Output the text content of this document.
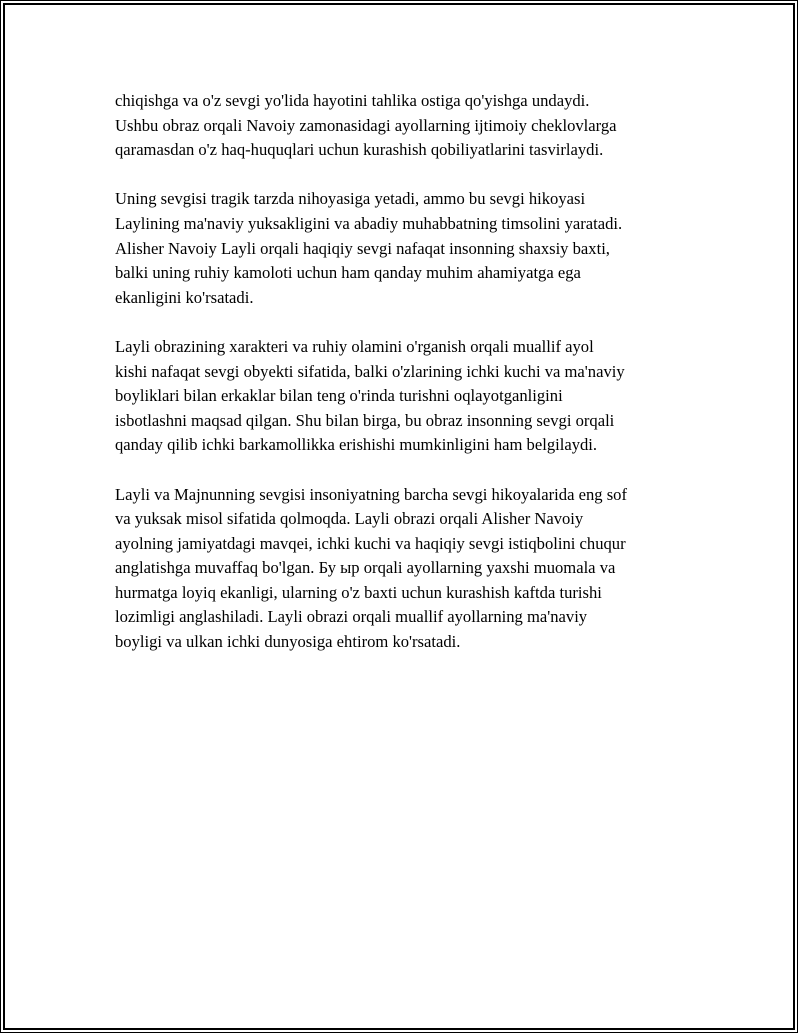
chiqishga va o'z sevgi yo'lida hayotini tahlika ostiga qo'yishga undaydi.
Ushbu obraz orqali Navoiy zamonasidagi ayollarning ijtimoiy cheklovlarga
qaramasdan o'z haq-huquqlari uchun kurashish qobiliyatlarini tasvirlaydi.

Uning sevgisi tragik tarzda nihoyasiga yetadi, ammo bu sevgi hikoyasi
Laylining ma'naviy yuksakligini va abadiy muhabbatning timsolini yaratadi.
Alisher Navoiy Layli orqali haqiqiy sevgi nafaqat insonning shaxsiy baxti,
balki uning ruhiy kamoloti uchun ham qanday muhim ahamiyatga ega
ekanligini ko'rsatadi.

Layli obrazining xarakteri va ruhiy olamini o'rganish orqali muallif ayol
kishi nafaqat sevgi obyekti sifatida, balki o'zlarining ichki kuchi va ma'naviy
boyliklari bilan erkaklar bilan teng o'rinda turishni oqlayotganligini
isbotlashni maqsad qilgan. Shu bilan birga, bu obraz insonning sevgi orqali
qanday qilib ichki barkamollikka erishishi mumkinligini ham belgilaydi.

Layli va Majnunning sevgisi insoniyatning barcha sevgi hikoyalarida eng sof
va yuksak misol sifatida qolmoqda. Layli obrazi orqali Alisher Navoiy
ayolning jamiyatdagi mavqei, ichki kuchi va haqiqiy sevgi istiqbolini chuqur
anglatishga muvaffaq bo'lgan. Бу ыр orqali ayollarning yaxshi muomala va
hurmatga loyiq ekanligi, ularning o'z baxti uchun kurashish kaftda turishi
lozimligi anglashiladi. Layli obrazi orqali muallif ayollarning ma'naviy
boyligi va ulkan ichki dunyosiga ehtirom ko'rsatadi.
